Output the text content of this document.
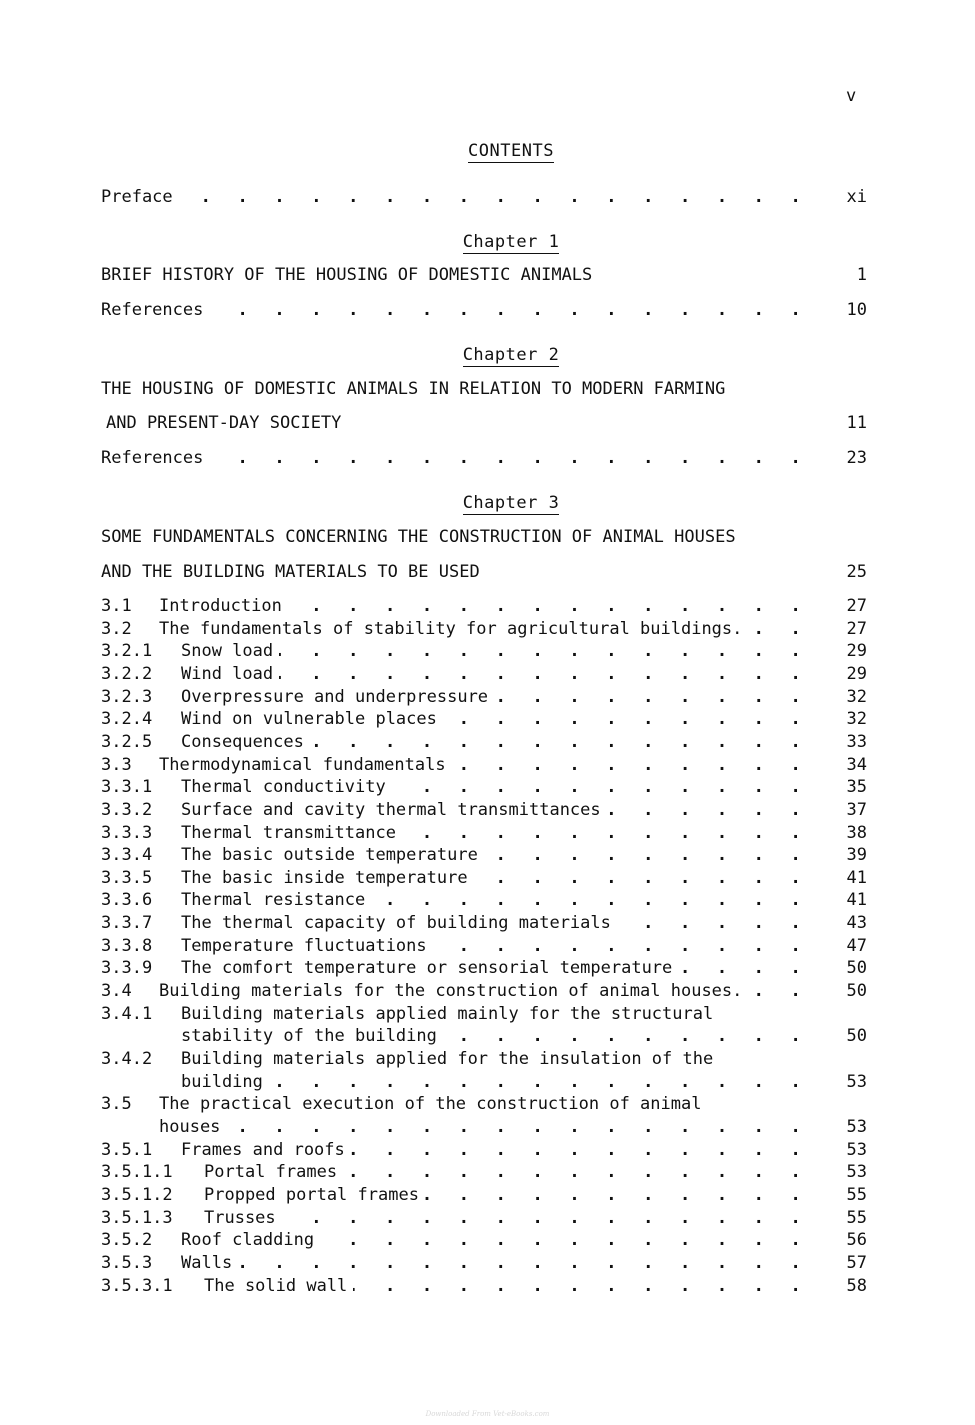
v
CONTENTS
Preface . . .	xi
Chapter 1
BRIEF HISTORY OF THE HOUSING OF DOMESTIC ANIMALS	1
References . . .	10
Chapter 2
THE HOUSING OF DOMESTIC ANIMALS IN RELATION TO MODERN FARMING
AND PRESENT-DAY SOCIETY	11
References . . .	23
Chapter 3
SOME FUNDAMENTALS CONCERNING THE CONSTRUCTION OF ANIMAL HOUSES
AND THE BUILDING MATERIALS TO BE USED	25
3.1	Introduction . . .	27
3.2	The fundamentals of stability for agricultural buildings. . . .	27
3.2.1	Snow load . . .	29
3.2.2	Wind load . . .	29
3.2.3	Overpressure and underpressure . . .	32
3.2.4	Wind on vulnerable places . . .	32
3.2.5	Consequences . . .	33
3.3	Thermodynamical fundamentals . . .	34
3.3.1	Thermal conductivity . . .	35
3.3.2	Surface and cavity thermal transmittances . . .	37
3.3.3	Thermal transmittance . . .	38
3.3.4	The basic outside temperature . . .	39
3.3.5	The basic inside temperature . . .	41
3.3.6	Thermal resistance . . .	41
3.3.7	The thermal capacity of building materials . . .	43
3.3.8	Temperature fluctuations . . .	47
3.3.9	The comfort temperature or sensorial temperature . . .	50
3.4	Building materials for the construction of animal houses. . . .	50
3.4.1	Building materials applied mainly for the structural
stability of the building . . .	50
3.4.2	Building materials applied for the insulation of the
building . . .	53
3.5	The practical execution of the construction of animal
houses . . .	53
3.5.1	Frames and roofs . . .	53
3.5.1.1	Portal frames . . .	53
3.5.1.2	Propped portal frames . . .	55
3.5.1.3	Trusses . . .	55
3.5.2	Roof cladding . . .	56
3.5.3	Walls . . .	57
3.5.3.1	The solid wall . . .	58
Downloaded From Vet-eBooks.com
